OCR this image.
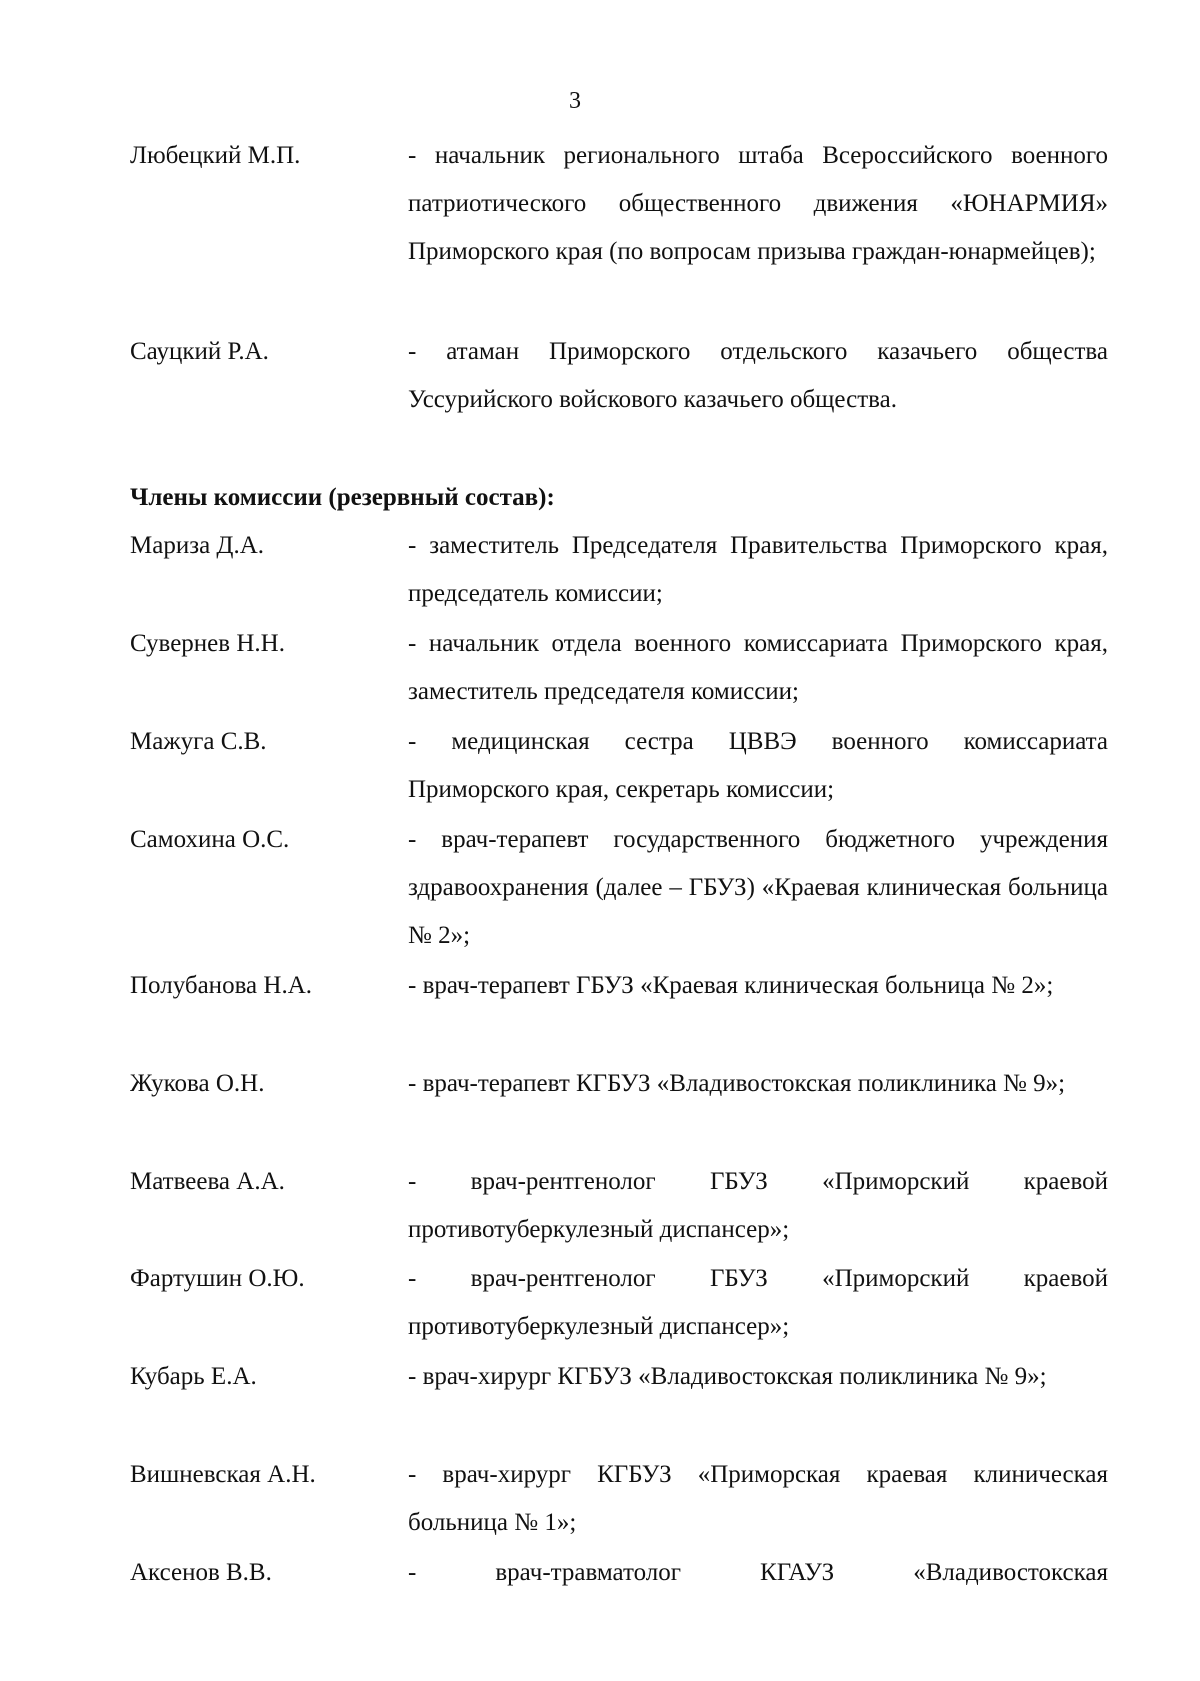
3
Любецкий М.П.	- начальник регионального штаба Всероссийского военного патриотического общественного движения «ЮНАРМИЯ» Приморского края (по вопросам призыва граждан-юнармейцев);
Сауцкий Р.А.	- атаман Приморского отдельского казачьего общества Уссурийского войскового казачьего общества.
Члены комиссии (резервный состав):
Мариза Д.А.	- заместитель Председателя Правительства Приморского края, председатель комиссии;
Сувернев Н.Н.	- начальник отдела военного комиссариата Приморского края, заместитель председателя комиссии;
Мажуга С.В.	- медицинская сестра ЦВВЭ военного комиссариата Приморского края, секретарь комиссии;
Самохина О.С.	- врач-терапевт государственного бюджетного учреждения здравоохранения (далее – ГБУЗ) «Краевая клиническая больница № 2»;
Полубанова Н.А.	- врач-терапевт ГБУЗ «Краевая клиническая больница № 2»;
Жукова О.Н.	- врач-терапевт КГБУЗ «Владивостокская поликлиника № 9»;
Матвеева А.А.	- врач-рентгенолог ГБУЗ «Приморский краевой противотуберкулезный диспансер»;
Фартушин О.Ю.	- врач-рентгенолог ГБУЗ «Приморский краевой противотуберкулезный диспансер»;
Кубарь Е.А.	- врач-хирург КГБУЗ «Владивостокская поликлиника № 9»;
Вишневская А.Н.	- врач-хирург КГБУЗ «Приморская краевая клиническая больница № 1»;
Аксенов В.В.	- врач-травматолог КГАУЗ «Владивостокская
